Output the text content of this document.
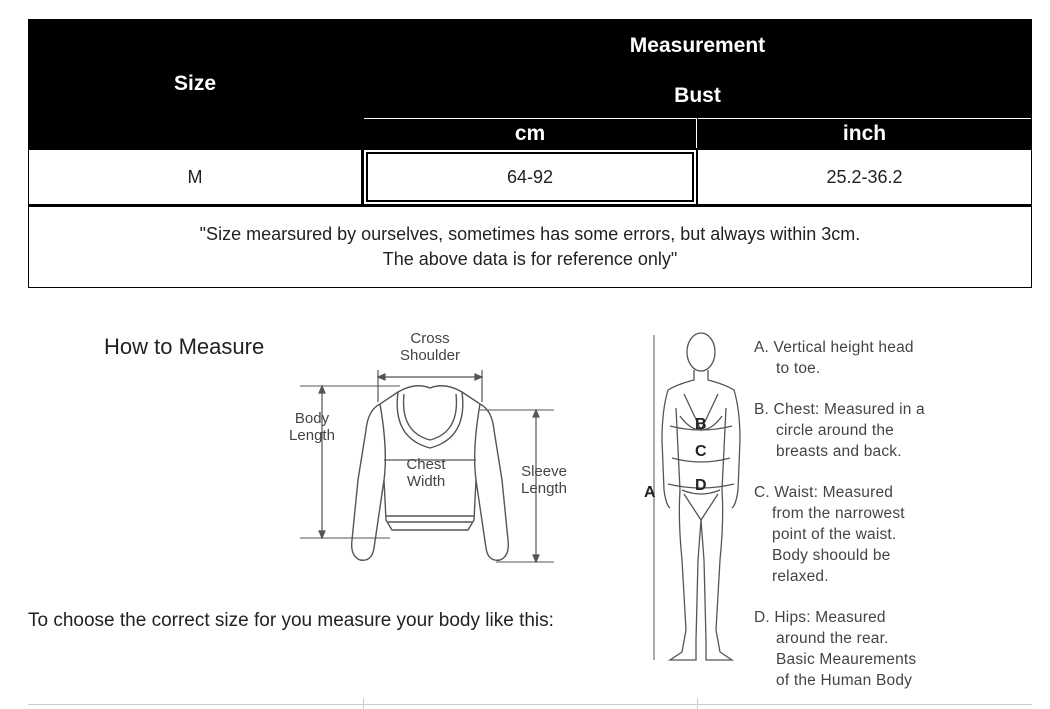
Size
Measurement
Bust
cm	inch
M	64-92	25.2-36.2
"Size mearsured by ourselves, sometimes has some errors, but always within 3cm.
The above data is for reference only"
How to Measure
To choose the correct size for you measure your body like this:
Cross
Shoulder
Body
Length
Chest
Width
Sleeve
Length	A
B
C
D
A. Vertical height head
to toe.
B. Chest: Measured in a
circle around the
breasts and back.
C. Waist: Measured
from the narrowest
point of the waist.
Body shoould be
relaxed.
D. Hips: Measured
around the rear.
Basic Meaurements
of the Human Body
